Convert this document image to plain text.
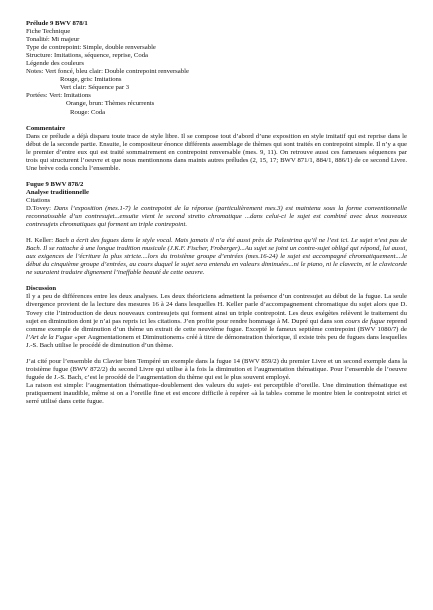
Prélude 9 BWV 878/1
Fiche Technique
Tonalité: Mi majeur
Type de contrepoint: Simple, double renversable
Structure: Imitations, séquence, reprise, Coda
Légende des couleurs
Notes: Vert foncé, bleu clair: Double contrepoint renversable
Rouge, gris: Imitations
Vert clair: Séquence par 3
Portées: Vert: Imitations
Orange, brun: Thèmes récurrents
Rouge: Coda
Commentaire

Dans ce prélude a déjà disparu toute trace de style libre. Il se compose tout d’abord d’une exposition en style imitatif qui est reprise dans le début de la seconde partie. Ensuite, le compositeur énonce différents assemblage de thèmes qui sont traités en contrepoint simple. Il n’y a que le premier d’entre eux qui est traité sommairement en contrepoint renversable (mes. 9, 11). On retrouve aussi ces fameuses séquences par trois qui structurent l’oeuvre et que nous mentionnons dans maints autres préludes (2, 15, 17; BWV 871/1, 884/1, 886/1) de ce second Livre. Une brève coda conclu l’ensemble.

Fugue 9 BWV 878/2
Analyse traditionnelle
Citations

D.Tovey: Dans l’exposition (mes.1-7) le contrepoint de la réponse (particulièrement mes.3) est maintenu sous la forme conventionnelle reconnaissable d’un contresujet...ensuite vient le second stretto chromatique ...dans celui-ci le sujet est combiné avec deux nouveaux contresujets chromatiques qui forment un triple contrepoint.

H. Keller: Bach a écrit des fugues dans le style vocal. Mais jamais il n’a été aussi près de Palestrina qu’il ne l’est ici. Le sujet n’est pas de Bach. Il se rattache à une longue tradition musicale (J.K.F. Fischer, Froberger)...Au sujet se joint un contre-sujet obligé qui répond, lui aussi, aux exigences de l’écriture la plus stricte....lors du troisième groupe d’entrées (mes.16-24) le sujet est accompagné chromatiquement....le début du cinquième groupe d’entrées, au cours duquel le sujet sera entendu en valeurs diminuées...ni le piano, ni le clavecin, ni le clavicorde ne sauraient traduire dignement l’ineffable beauté de cette oeuvre.

Discussion

Il y a peu de différences entre les deux analyses. Les deux théoriciens admettent la présence d’un contresujet au début de la fugue. La seule divergence provient de la lecture des mesures 16 à 24 dans lesquelles H. Keller parle d’accompagnement chromatique du sujet alors que D. Tovey cite l’introduction de deux nouveaux contresujets qui forment ainsi un triple contrepoint. Les deux exégètes relèvent le traitement du sujet en diminution dont je n’ai pas repris ici les citations. J’en profite pour rendre hommage à M. Dupré qui dans son cours de fugue reprend comme exemple de diminution d’un thème un extrait de cette neuvième fugue. Excepté le fameux septième contrepoint (BWV 1080/7) de l’Art de la Fugue «per Augmentationem et Diminutionem» créé à titre de démonstration théorique, il existe très peu de fugues dans lesquelles J.-S. Bach utilise le procédé de diminution d’un thème.

J’ai cité pour l’ensemble du Clavier bien Tempéré un exemple dans la fugue 14 (BWV 859/2) du premier Livre et un second exemple dans la troisième fugue (BWV 872/2) du second Livre qui utilise à la fois la diminution et l’augmentation thématique. Pour l’ensemble de l’oeuvre fuguée de J.-S. Bach, c’est le procédé de l’augmentation du thème qui est le plus souvent employé.

La raison est simple: l’augmentation thématique-doublement des valeurs du sujet- est perceptible d’oreille. Une diminution thématique est pratiquement inaudible, même si on a l’oreille fine et est encore difficile à repérer «à la table» comme le montre bien le contrepoint strict et serré utilisé dans cette fugue.
